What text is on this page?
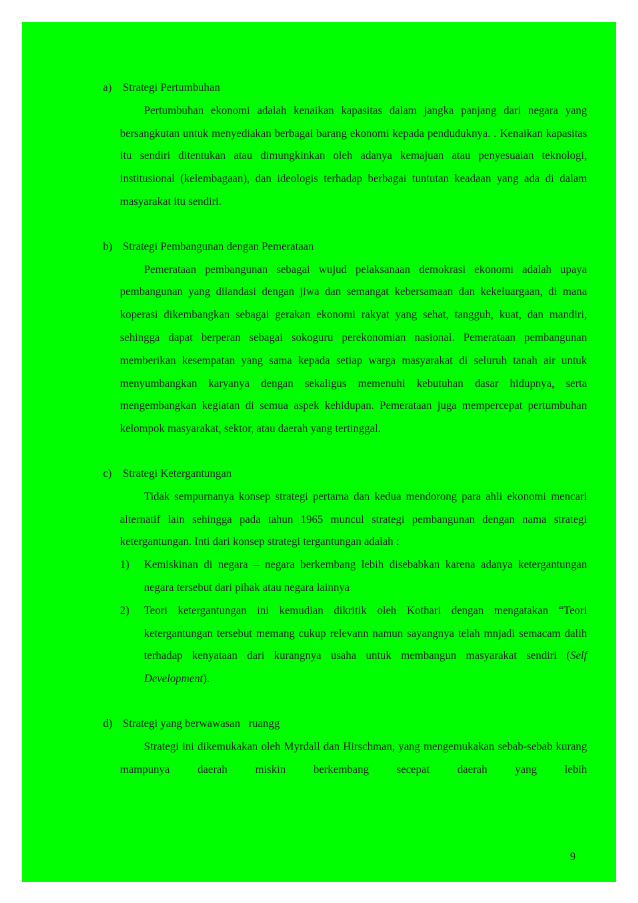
a) Strategi Pertumbuhan

Pertumbuhan ekonomi adalah kenaikan kapasitas dalam jangka panjang dari negara yang bersangkutan untuk menyediakan berbagai barang ekonomi kepada penduduknya. . Kenaikan kapasitas itu sendiri ditentukan atau dimungkinkan oleh adanya kemajuan atau penyesuaian teknologi, institusional (kelembagaan), dan ideologis terhadap berbagai tuntutan keadaan yang ada di dalam masyarakat itu sendiri.

b) Strategi Pembangunan dengan Pemerataan

Pemerataan pembangunan sebagai wujud pelaksanaan demokrasi ekonomi adalah upaya pembangunan yang dilandasi dengan jiwa dan semangat kebersamaan dan kekeluargaan, di mana koperasi dikembangkan sebagai gerakan ekonomi rakyat yang sehat, tangguh, kuat, dan mandiri, sehingga dapat berperan sebagai sokoguru perekonomian nasional. Pemerataan pembangunan memberikan kesempatan yang sama kepada setiap warga masyarakat di seluruh tanah air untuk menyumbangkan karyanya dengan sekaligus memenuhi kebutuhan dasar hidupnya, serta mengembangkan kegiatan di semua aspek kehidupan. Pemerataan juga mempercepat pertumbuhan kelompok masyarakat, sektor, atau daerah yang tertinggal.

c) Strategi Ketergantungan

Tidak sempurnanya konsep strategi pertama dan kedua mendorong para ahli ekonomi mencari alternatif lain sehingga pada tahun 1965 muncul strategi pembangunan dengan nama strategi ketergantungan. Inti dari konsep strategi tergantungan adalah :

1) Kemiskinan di negara – negara berkembang lebih disebabkan karena adanya ketergantungan negara tersebut dari pihak atau negara lainnya
2) Teori ketergantungan ini kemudian dikritik oleh Kothari dengan mengatakan “Teori ketergantungan tersebut memang cukup relevann namun sayangnya telah mnjadi semacam dalih terhadap kenyataan dari kurangnya usaha untuk membangun masyarakat sendiri (Self Development).

d) Strategi yang berwawasan   ruangg

Strategi ini dikemukakan oleh Myrdall dan Hirschman, yang mengemukakan sebab-sebab kurang mampunya daerah miskin berkembang secepat daerah yang lebih

9
